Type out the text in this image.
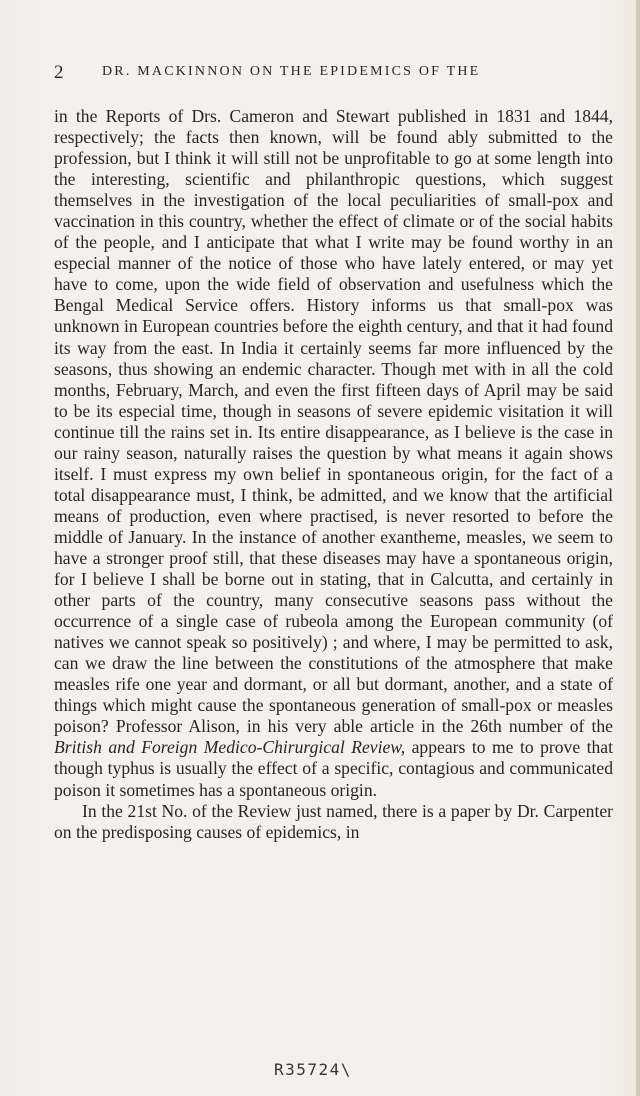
2	DR. MACKINNON ON THE EPIDEMICS OF THE

in the Reports of Drs. Cameron and Stewart published in 1831 and 1844, respectively; the facts then known, will be found ably submitted to the profession, but I think it will still not be unprofitable to go at some length into the interesting, scientific and philanthropic questions, which suggest themselves in the investigation of the local peculiarities of small-pox and vaccination in this country, whether the effect of climate or of the social habits of the people, and I anticipate that what I write may be found worthy in an especial manner of the notice of those who have lately entered, or may yet have to come, upon the wide field of observation and usefulness which the Bengal Medical Service offers. History informs us that small-pox was unknown in European countries before the eighth century, and that it had found its way from the east. In India it certainly seems far more influenced by the seasons, thus showing an endemic character. Though met with in all the cold months, February, March, and even the first fifteen days of April may be said to be its especial time, though in seasons of severe epidemic visitation it will continue till the rains set in. Its entire disappearance, as I believe is the case in our rainy season, naturally raises the question by what means it again shows itself. I must express my own belief in spontaneous origin, for the fact of a total disappearance must, I think, be admitted, and we know that the artificial means of production, even where practised, is never resorted to before the middle of January. In the instance of another exantheme, measles, we seem to have a stronger proof still, that these diseases may have a spontaneous origin, for I believe I shall be borne out in stating, that in Calcutta, and certainly in other parts of the country, many consecutive seasons pass without the occurrence of a single case of rubeola among the European community (of natives we cannot speak so positively) ; and where, I may be permitted to ask, can we draw the line between the constitutions of the atmosphere that make measles rife one year and dormant, or all but dormant, another, and a state of things which might cause the spontaneous generation of small-pox or measles poison? Professor Alison, in his very able article in the 26th number of the British and Foreign Medico-Chirurgical Review, appears to me to prove that though typhus is usually the effect of a specific, contagious and communicated poison it sometimes has a spontaneous origin.

In the 21st No. of the Review just named, there is a paper by Dr. Carpenter on the predisposing causes of epidemics, in

R35724\
